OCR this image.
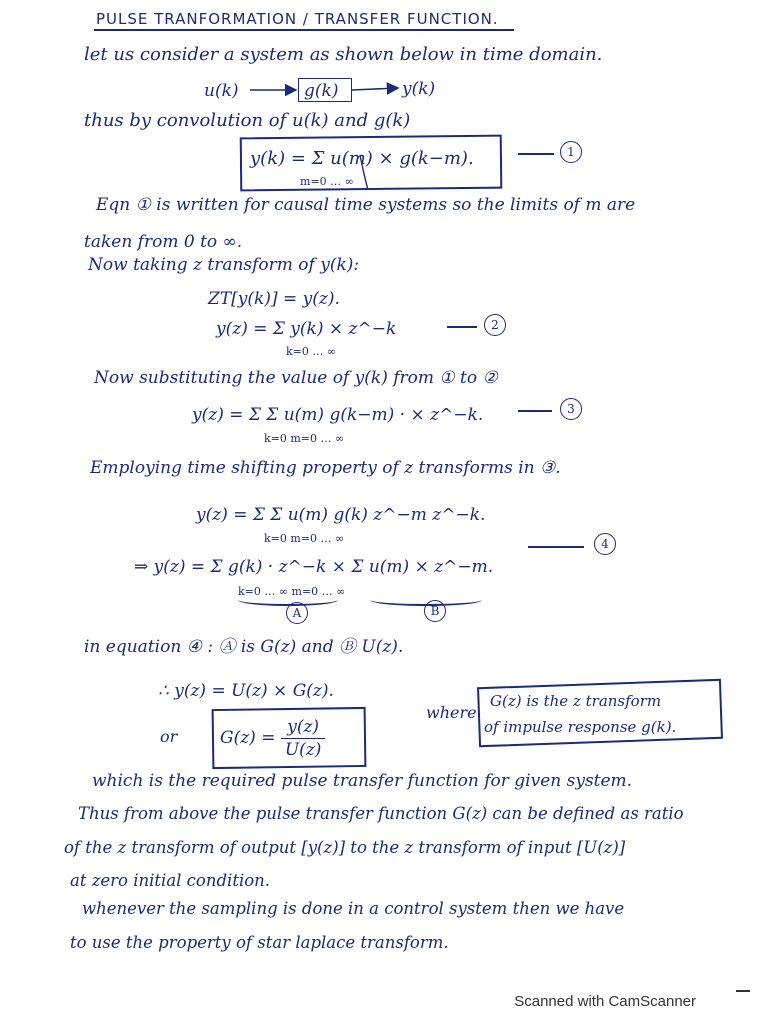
PULSE TRANFORMATION / TRANSFER FUNCTION.
let us consider a system as shown below in time domain.
u(k)	g(k)	y(k)
thus by convolution of u(k) and g(k)
y(k) = Σ u(m) × g(k−m).
m=0 … ∞
1
Eqn ① is written for causal time systems so the limits of m are
taken from 0 to ∞.
Now taking z transform of y(k):
ZT[y(k)] = y(z).
y(z) = Σ y(k) × z^−k
k=0 … ∞
2
Now substituting the value of y(k) from ① to ②
y(z) = Σ Σ u(m) g(k−m) · × z^−k.
k=0 m=0 … ∞
3
Employing time shifting property of z transforms in ③.
y(z) = Σ Σ u(m) g(k) z^−m z^−k.
k=0 m=0 … ∞
⇒ y(z) = Σ g(k) · z^−k × Σ u(m) × z^−m.
k=0 … ∞ m=0 … ∞
4
A	B
in equation ④ : Ⓐ is G(z) and Ⓑ U(z).
∴ y(z) = U(z) × G(z).
or	$G(z) = \frac{y(z)}{U(z)}$
where
G(z) is the z transform
of impulse response g(k).
which is the required pulse transfer function for given system.
Thus from above the pulse transfer function G(z) can be defined as ratio
of the z transform of output [y(z)] to the z transform of input [U(z)]
at zero initial condition.
whenever the sampling is done in a control system then we have
to use the property of star laplace transform.
Scanned with CamScanner
